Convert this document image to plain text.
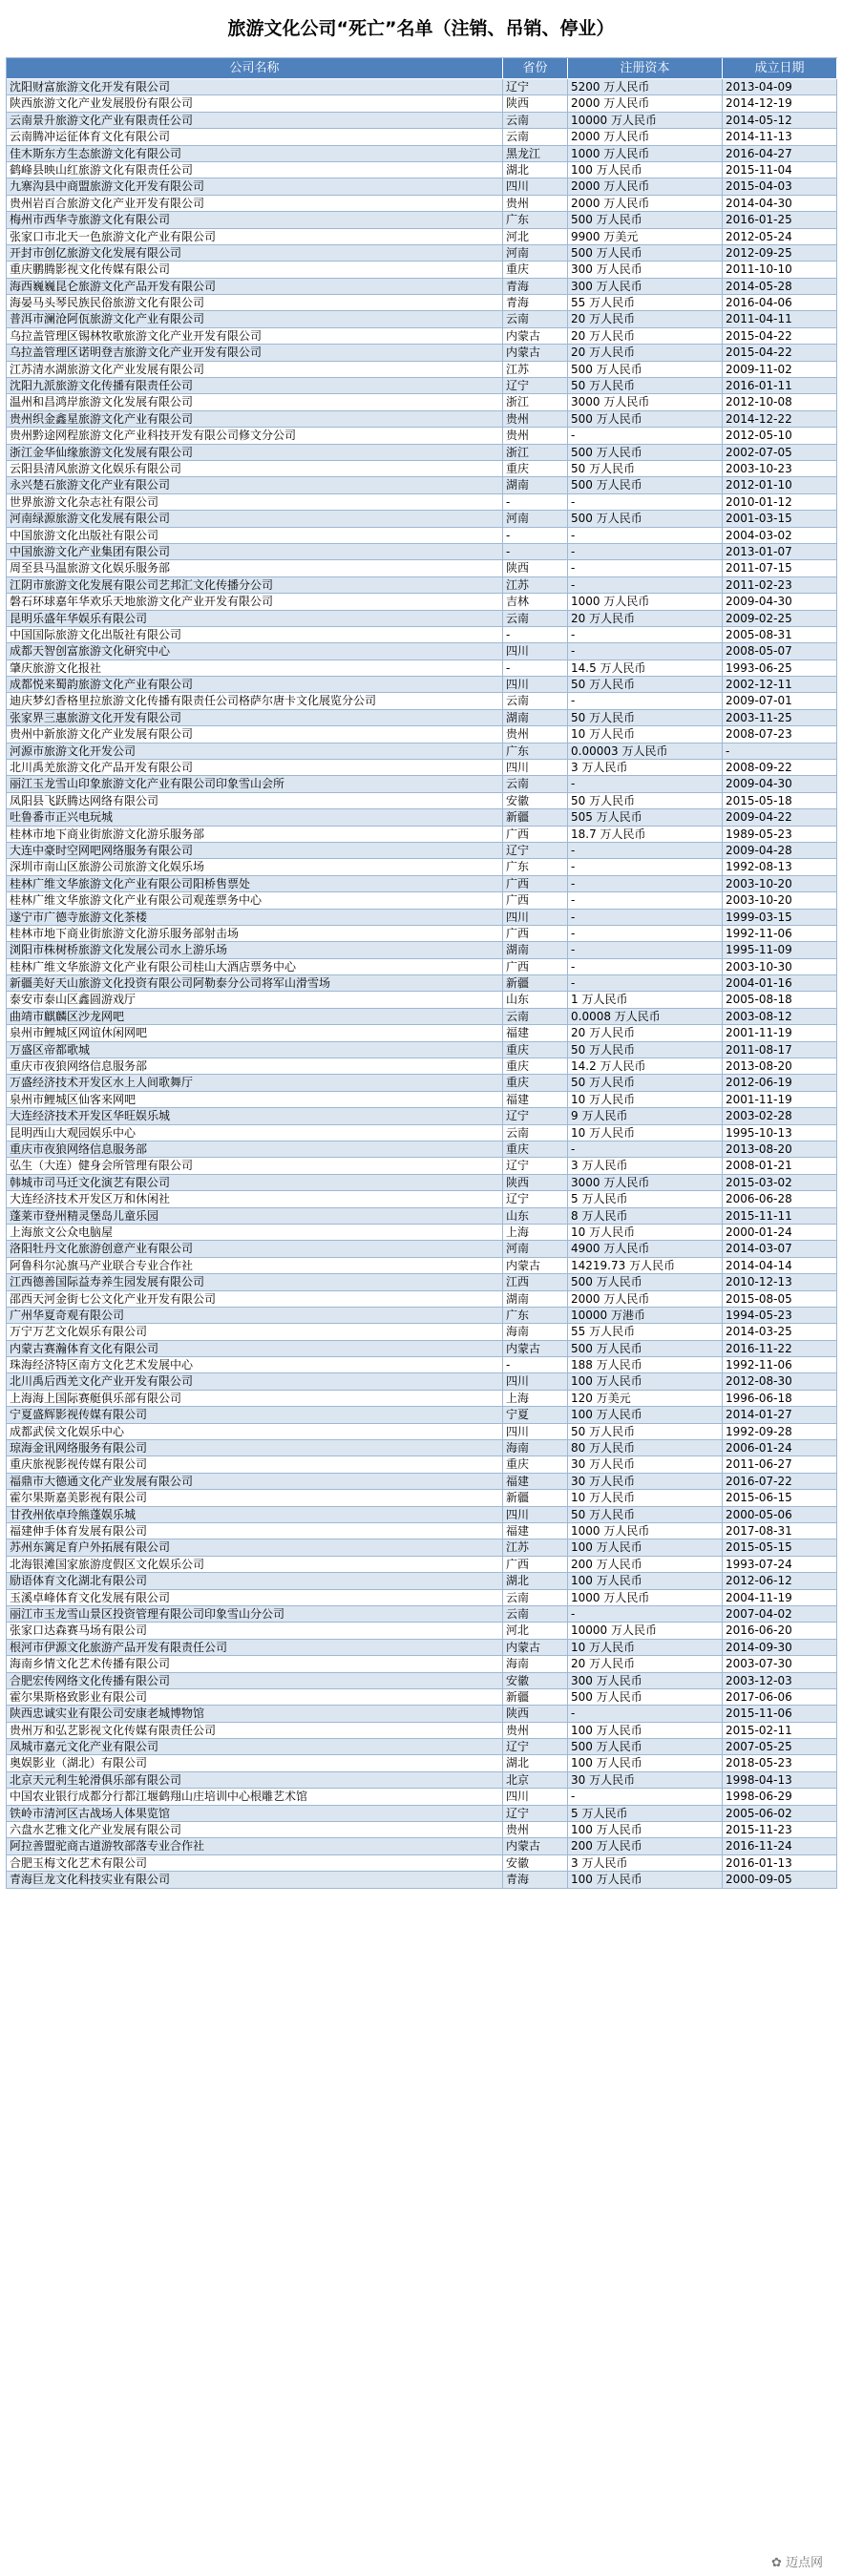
旅游文化公司“死亡”名单（注销、吊销、停业）
公司名称	省份	注册资本	成立日期
沈阳财富旅游文化开发有限公司	辽宁	5200 万人民币	2013-04-09
陕西旅游文化产业发展股份有限公司	陕西	2000 万人民币	2014-12-19
云南景升旅游文化产业有限责任公司	云南	10000 万人民币	2014-05-12
云南腾冲运征体育文化有限公司	云南	2000 万人民币	2014-11-13
佳木斯东方生态旅游文化有限公司	黑龙江	1000 万人民币	2016-04-27
鹤峰县映山红旅游文化有限责任公司	湖北	100 万人民币	2015-11-04
九寨沟县中商盟旅游文化开发有限公司	四川	2000 万人民币	2015-04-03
贵州岩百合旅游文化产业开发有限公司	贵州	2000 万人民币	2014-04-30
梅州市西华寺旅游文化有限公司	广东	500 万人民币	2016-01-25
张家口市北天一色旅游文化产业有限公司	河北	9900 万美元	2012-05-24
开封市创亿旅游文化发展有限公司	河南	500 万人民币	2012-09-25
重庆鹏腾影视文化传媒有限公司	重庆	300 万人民币	2011-10-10
海西巍巍昆仑旅游文化产品开发有限公司	青海	300 万人民币	2014-05-28
海晏马头琴民族民俗旅游文化有限公司	青海	55 万人民币	2016-04-06
普洱市澜沧阿佤旅游文化产业有限公司	云南	20 万人民币	2011-04-11
乌拉盖管理区锡林牧歌旅游文化产业开发有限公司	内蒙古	20 万人民币	2015-04-22
乌拉盖管理区诺明登吉旅游文化产业开发有限公司	内蒙古	20 万人民币	2015-04-22
江苏清水湖旅游文化产业发展有限公司	江苏	500 万人民币	2009-11-02
沈阳九派旅游文化传播有限责任公司	辽宁	50 万人民币	2016-01-11
温州和昌鸿岸旅游文化发展有限公司	浙江	3000 万人民币	2012-10-08
贵州织金鑫星旅游文化产业有限公司	贵州	500 万人民币	2014-12-22
贵州黔途网程旅游文化产业科技开发有限公司修文分公司	贵州	-	2012-05-10
浙江金华仙缘旅游文化发展有限公司	浙江	500 万人民币	2002-07-05
云阳县清风旅游文化娱乐有限公司	重庆	50 万人民币	2003-10-23
永兴楚石旅游文化产业有限公司	湖南	500 万人民币	2012-01-10
世界旅游文化杂志社有限公司	-	-	2010-01-12
河南绿源旅游文化发展有限公司	河南	500 万人民币	2001-03-15
中国旅游文化出版社有限公司	-	-	2004-03-02
中国旅游文化产业集团有限公司	-	-	2013-01-07
周至县马温旅游文化娱乐服务部	陕西	-	2011-07-15
江阴市旅游文化发展有限公司艺邦汇文化传播分公司	江苏	-	2011-02-23
磐石环球嘉年华欢乐天地旅游文化产业开发有限公司	吉林	1000 万人民币	2009-04-30
昆明乐盛年华娱乐有限公司	云南	20 万人民币	2009-02-25
中国国际旅游文化出版社有限公司	-	-	2005-08-31
成都天智创富旅游文化研究中心	四川	-	2008-05-07
肇庆旅游文化报社	-	14.5 万人民币	1993-06-25
成都悦来蜀韵旅游文化产业有限公司	四川	50 万人民币	2002-12-11
迪庆梦幻香格里拉旅游文化传播有限责任公司格萨尔唐卡文化展览分公司	云南	-	2009-07-01
张家界三惠旅游文化开发有限公司	湖南	50 万人民币	2003-11-25
贵州中新旅游文化产业发展有限公司	贵州	10 万人民币	2008-07-23
河源市旅游文化开发公司	广东	0.00003 万人民币	-
北川禹羌旅游文化产品开发有限公司	四川	3 万人民币	2008-09-22
丽江玉龙雪山印象旅游文化产业有限公司印象雪山会所	云南	-	2009-04-30
凤阳县飞跃腾达网络有限公司	安徽	50 万人民币	2015-05-18
吐鲁番市正兴电玩城	新疆	505 万人民币	2009-04-22
桂林市地下商业街旅游文化游乐服务部	广西	18.7 万人民币	1989-05-23
大连中豪时空网吧网络服务有限公司	辽宁	-	2009-04-28
深圳市南山区旅游公司旅游文化娱乐场	广东	-	1992-08-13
桂林广维文华旅游文化产业有限公司阳桥售票处	广西	-	2003-10-20
桂林广维文华旅游文化产业有限公司观莲票务中心	广西	-	2003-10-20
遂宁市广德寺旅游文化茶楼	四川	-	1999-03-15
桂林市地下商业街旅游文化游乐服务部射击场	广西	-	1992-11-06
浏阳市株树桥旅游文化发展公司水上游乐场	湖南	-	1995-11-09
桂林广维文华旅游文化产业有限公司桂山大酒店票务中心	广西	-	2003-10-30
新疆美好天山旅游文化投资有限公司阿勒泰分公司将军山滑雪场	新疆	-	2004-01-16
泰安市泰山区鑫圆游戏厅	山东	1 万人民币	2005-08-18
曲靖市麒麟区沙龙网吧	云南	0.0008 万人民币	2003-08-12
泉州市鲤城区网谊休闲网吧	福建	20 万人民币	2001-11-19
万盛区帝都歌城	重庆	50 万人民币	2011-08-17
重庆市夜狼网络信息服务部	重庆	14.2 万人民币	2013-08-20
万盛经济技术开发区水上人间歌舞厅	重庆	50 万人民币	2012-06-19
泉州市鲤城区仙客来网吧	福建	10 万人民币	2001-11-19
大连经济技术开发区华旺娱乐城	辽宁	9 万人民币	2003-02-28
昆明西山大观园娱乐中心	云南	10 万人民币	1995-10-13
重庆市夜狼网络信息服务部	重庆	-	2013-08-20
弘生（大连）健身会所管理有限公司	辽宁	3 万人民币	2008-01-21
韩城市司马迁文化演艺有限公司	陕西	3000 万人民币	2015-03-02
大连经济技术开发区万和休闲社	辽宁	5 万人民币	2006-06-28
蓬莱市登州精灵堡岛儿童乐园	山东	8 万人民币	2015-11-11
上海旅文公众电脑屋	上海	10 万人民币	2000-01-24
洛阳牡丹文化旅游创意产业有限公司	河南	4900 万人民币	2014-03-07
阿鲁科尔沁旗马产业联合专业合作社	内蒙古	14219.73 万人民币	2014-04-14
江西德善国际益寿养生园发展有限公司	江西	500 万人民币	2010-12-13
邵西天河金街七公文化产业开发有限公司	湖南	2000 万人民币	2015-08-05
广州华夏奇观有限公司	广东	10000 万港币	1994-05-23
万宁万艺文化娱乐有限公司	海南	55 万人民币	2014-03-25
内蒙古赛瀚体育文化有限公司	内蒙古	500 万人民币	2016-11-22
珠海经济特区南方文化艺术发展中心	-	188 万人民币	1992-11-06
北川禹后西羌文化产业开发有限公司	四川	100 万人民币	2012-08-30
上海海上国际赛艇俱乐部有限公司	上海	120 万美元	1996-06-18
宁夏盛辉影视传媒有限公司	宁夏	100 万人民币	2014-01-27
成都武侯文化娱乐中心	四川	50 万人民币	1992-09-28
琼海金讯网络服务有限公司	海南	80 万人民币	2006-01-24
重庆旅视影视传媒有限公司	重庆	30 万人民币	2011-06-27
福鼎市大德通文化产业发展有限公司	福建	30 万人民币	2016-07-22
霍尔果斯嘉美影视有限公司	新疆	10 万人民币	2015-06-15
甘孜州依卓玲熊蓬娱乐城	四川	50 万人民币	2000-05-06
福建伸手体育发展有限公司	福建	1000 万人民币	2017-08-31
苏州东篱足育户外拓展有限公司	江苏	100 万人民币	2015-05-15
北海银滩国家旅游度假区文化娱乐公司	广西	200 万人民币	1993-07-24
励语体育文化湖北有限公司	湖北	100 万人民币	2012-06-12
玉溪卓峰体育文化发展有限公司	云南	1000 万人民币	2004-11-19
丽江市玉龙雪山景区投资管理有限公司印象雪山分公司	云南	-	2007-04-02
张家口达森赛马场有限公司	河北	10000 万人民币	2016-06-20
根河市伊源文化旅游产品开发有限责任公司	内蒙古	10 万人民币	2014-09-30
海南乡情文化艺术传播有限公司	海南	20 万人民币	2003-07-30
合肥宏传网络文化传播有限公司	安徽	300 万人民币	2003-12-03
霍尔果斯格致影业有限公司	新疆	500 万人民币	2017-06-06
陕西忠诚实业有限公司安康老城博物馆	陕西	-	2015-11-06
贵州万和弘艺影视文化传媒有限责任公司	贵州	100 万人民币	2015-02-11
凤城市嘉元文化产业有限公司	辽宁	500 万人民币	2007-05-25
奥娱影业（湖北）有限公司	湖北	100 万人民币	2018-05-23
北京天元利生轮滑俱乐部有限公司	北京	30 万人民币	1998-04-13
中国农业银行成都分行都江堰鹤翔山庄培训中心根雕艺术馆	四川	-	1998-06-29
铁岭市清河区古战场人体果览馆	辽宁	5 万人民币	2005-06-02
六盘水艺雅文化产业发展有限公司	贵州	100 万人民币	2015-11-23
阿拉善盟驼商古道游牧部落专业合作社	内蒙古	200 万人民币	2016-11-24
合肥玉梅文化艺术有限公司	安徽	3 万人民币	2016-01-13
青海巨龙文化科技实业有限公司	青海	100 万人民币	2000-09-05
✿ 迈点网
